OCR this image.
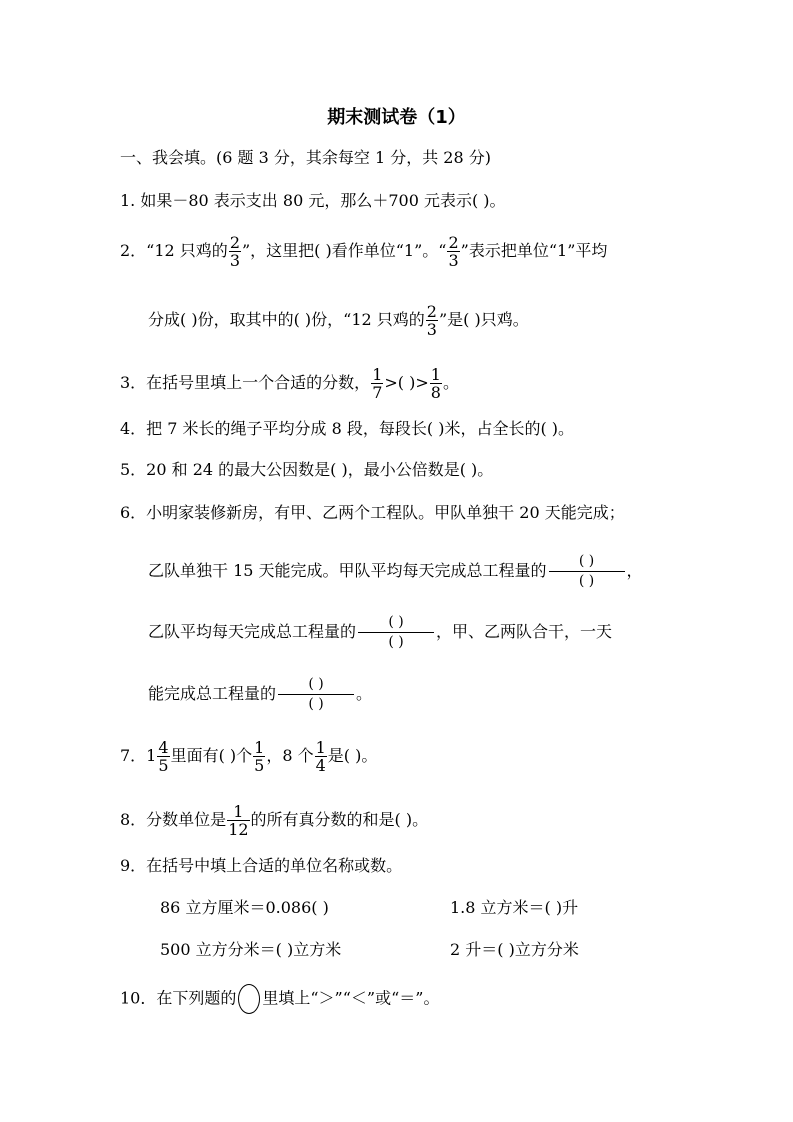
期末测试卷（1）
一、我会填。(6 题 3 分，其余每空 1 分，共 28 分)
1. 如果－80 表示支出 80 元，那么＋700 元表示( )。
2．“12 只鸡的 $\frac{2}{3}$ ”，这里把( )看作单位“1”。“ $\frac{2}{3}$ ”表示把单位“1”平均
分成( )份，取其中的( )份，“12 只鸡的 $\frac{2}{3}$ ”是( )只鸡。
3．在括号里填上一个合适的分数， $\frac{1}{7}$ >( )> $\frac{1}{8}$ 。
4．把 7 米长的绳子平均分成 8 段，每段长( )米，占全长的( )。
5．20 和 24 的最大公因数是( )，最小公倍数是( )。
6．小明家装修新房，有甲、乙两个工程队。甲队单独干 20 天能完成；
乙队单独干 15 天能完成。甲队平均每天完成总工程量的	( )
( )
，
乙队平均每天完成总工程量的	( )
( )
，甲、乙两队合干，一天
能完成总工程量的	( )
( )
。
7．$1 \frac{4}{5}$ 里面有( )个 $\frac{1}{5}$ ，8 个 $\frac{1}{4}$ 是( )。
8．分数单位是 $\frac{1}{12}$ 的所有真分数的和是( )。
9．在括号中填上合适的单位名称或数。
86 立方厘米＝0.086( )	1.8 立方米＝( )升
500 立方分米＝( )立方米	2 升＝( )立方分米
10．在下列题的 里填上“＞”“＜”或“＝”。
